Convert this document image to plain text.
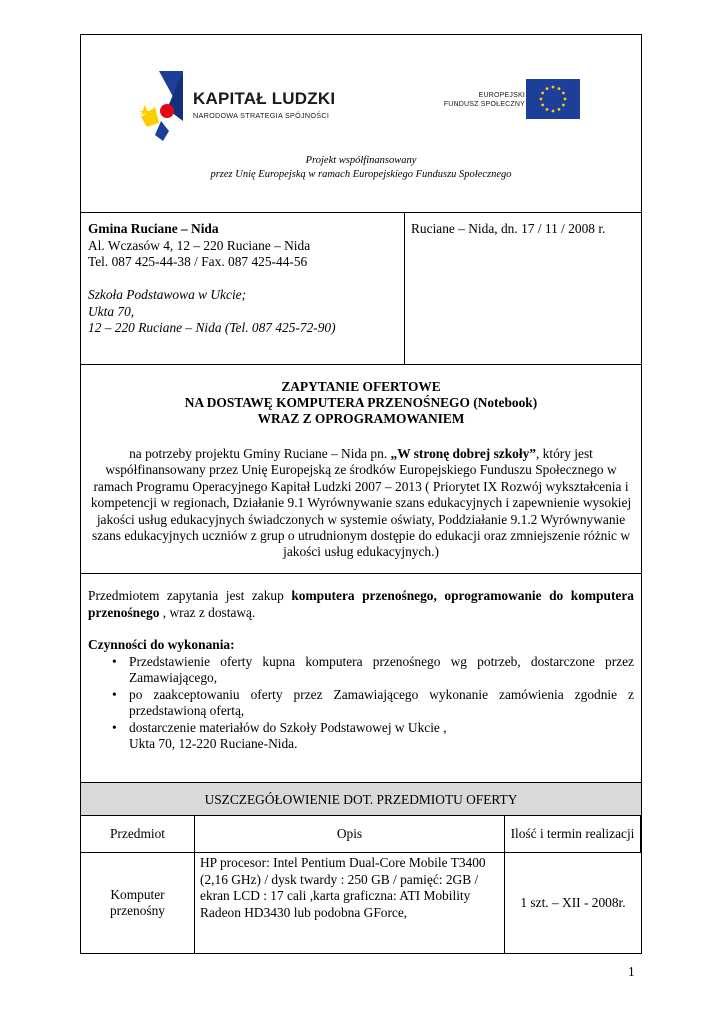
KAPITAŁ LUDZKI
NARODOWA STRATEGIA SPÓJNOŚCI
EUROPEJSKI
FUNDUSZ SPOŁECZNY
Projekt współfinansowany
przez Unię Europejską w ramach Europejskiego Funduszu Społecznego
Gmina Ruciane – Nida
Al. Wczasów 4, 12 – 220 Ruciane – Nida
Tel. 087 425-44-38 / Fax. 087 425-44-56
Szkoła Podstawowa w Ukcie;
Ukta 70,
12 – 220 Ruciane – Nida (Tel. 087 425-72-90)
Ruciane – Nida, dn. 17 / 11 / 2008 r.
ZAPYTANIE OFERTOWE
NA DOSTAWĘ KOMPUTERA PRZENOŚNEGO (Notebook)
WRAZ Z OPROGRAMOWANIEM
na potrzeby projektu Gminy Ruciane – Nida pn. „W stronę dobrej szkoły”, który jest współfinansowany przez Unię Europejską ze środków Europejskiego Funduszu Społecznego w ramach Programu Operacyjnego Kapitał Ludzki 2007 – 2013 ( Priorytet IX Rozwój wykształcenia i kompetencji w regionach, Działanie 9.1 Wyrównywanie szans edukacyjnych i zapewnienie wysokiej jakości usług edukacyjnych świadczonych w systemie oświaty, Poddziałanie 9.1.2 Wyrównywanie szans edukacyjnych uczniów z grup o utrudnionym dostępie do edukacji oraz zmniejszenie różnic w jakości usług edukacyjnych.)
Przedmiotem zapytania jest zakup komputera przenośnego, oprogramowanie do komputera przenośnego , wraz z dostawą.
Czynności do wykonania:
• Przedstawienie oferty kupna komputera przenośnego wg potrzeb, dostarczone przez Zamawiającego,
• po zaakceptowaniu oferty przez Zamawiającego wykonanie zamówienia zgodnie z przedstawioną ofertą,
• dostarczenie materiałów do Szkoły Podstawowej w Ukcie ,
Ukta 70, 12-220 Ruciane-Nida.
USZCZEGÓŁOWIENIE DOT. PRZEDMIOTU OFERTY
Przedmiot	Opis	Ilość i termin realizacji
Komputer przenośny
HP procesor: Intel Pentium Dual-Core Mobile T3400 (2,16 GHz) / dysk twardy : 250 GB / pamięć: 2GB / ekran LCD : 17 cali ,karta graficzna: ATI Mobility Radeon HD3430 lub podobna GForce,
1 szt. – XII - 2008r.
1
